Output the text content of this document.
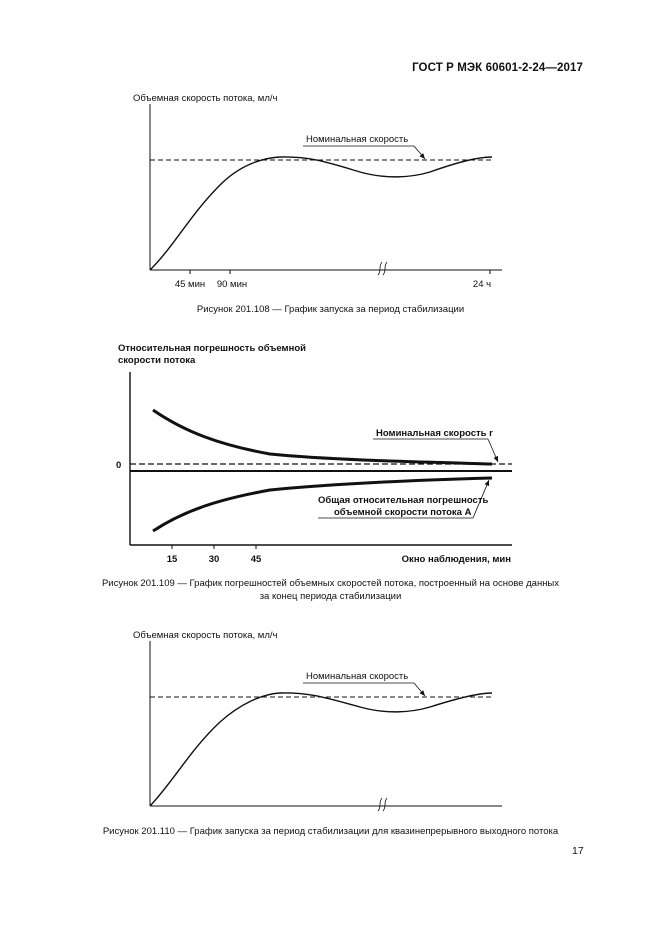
ГОСТ Р МЭК 60601-2-24—2017
Объемная скорость потока, мл/ч
Номинальная скорость
45 мин 90 мин	24 ч
Рисунок 201.108 — График запуска за период стабилизации
Относительная погрешность объемной
скорости потока
0
Номинальная скорость r
Общая относительная погрешность
объемной скорости потока A
15	30	45	Окно наблюдения, мин
Рисунок 201.109 — График погрешностей объемных скоростей потока, построенный на основе данных
за конец периода стабилизации
Объемная скорость потока, мл/ч
Номинальная скорость
Рисунок 201.110 — График запуска за период стабилизации для квазинепрерывного выходного потока
17
